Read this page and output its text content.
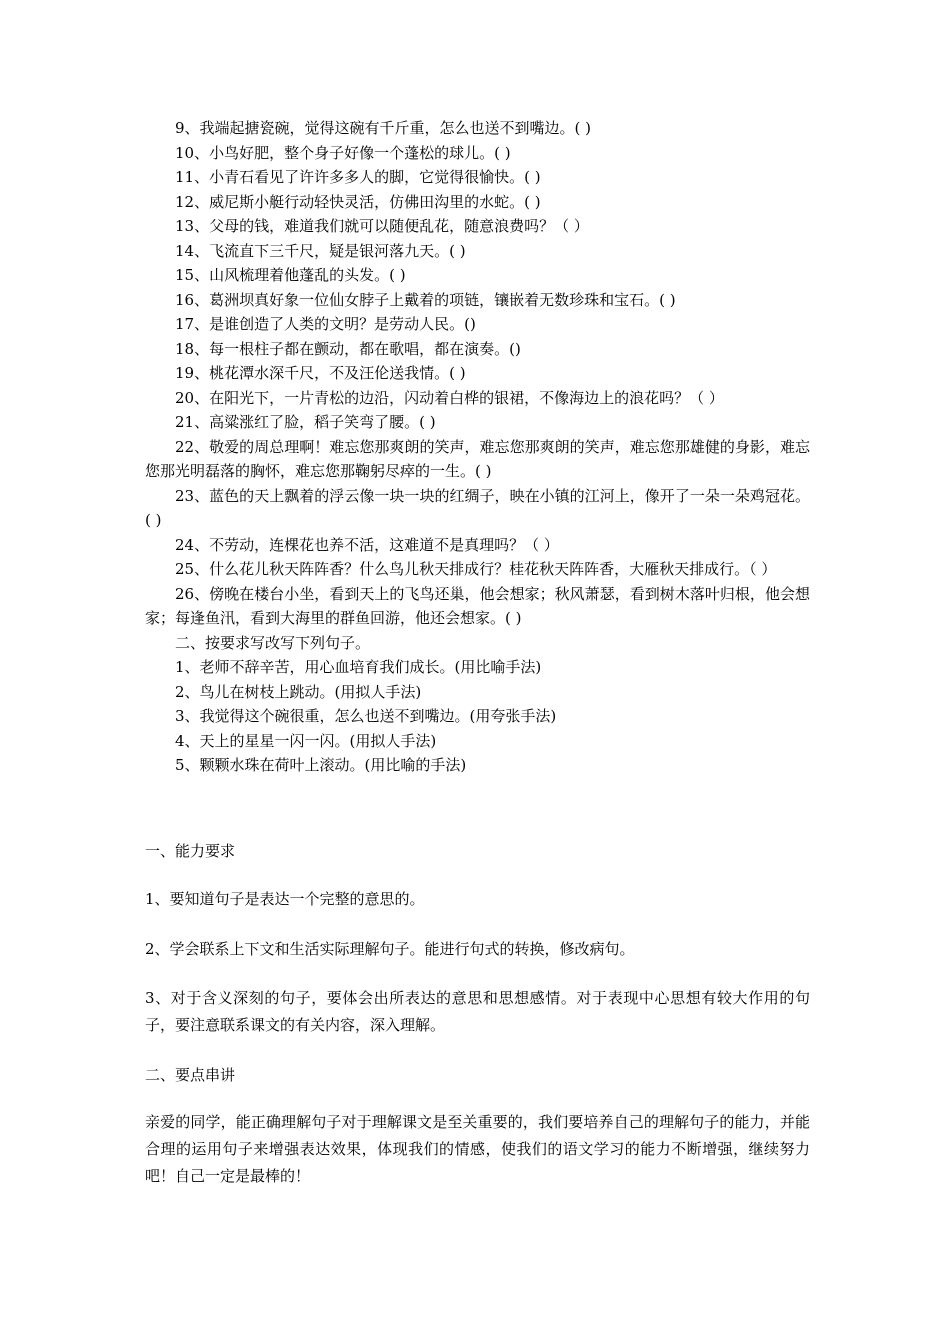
9、我端起搪瓷碗，觉得这碗有千斤重，怎么也送不到嘴边。( )

10、小鸟好肥，整个身子好像一个蓬松的球儿。( )

11、小青石看见了许许多多人的脚，它觉得很愉快。( )

12、威尼斯小艇行动轻快灵活，仿佛田沟里的水蛇。( )

13、父母的钱，难道我们就可以随便乱花，随意浪费吗？（ ）

14、飞流直下三千尺，疑是银河落九天。( )

15、山风梳理着他蓬乱的头发。( )

16、葛洲坝真好象一位仙女脖子上戴着的项链，镶嵌着无数珍珠和宝石。( )

17、是谁创造了人类的文明？是劳动人民。()

18、每一根柱子都在颤动，都在歌唱，都在演奏。()

19、桃花潭水深千尺，不及汪伦送我情。( )

20、在阳光下，一片青松的边沿，闪动着白桦的银裙，不像海边上的浪花吗？（ ）

21、高粱涨红了脸，稻子笑弯了腰。( )

22、敬爱的周总理啊！难忘您那爽朗的笑声，难忘您那爽朗的笑声，难忘您那雄健的身影，难忘您那光明磊落的胸怀，难忘您那鞠躬尽瘁的一生。( )

23、蓝色的天上飘着的浮云像一块一块的红绸子，映在小镇的江河上，像开了一朵一朵鸡冠花。( )

24、不劳动，连棵花也养不活，这难道不是真理吗？（ ）

25、什么花儿秋天阵阵香？什么鸟儿秋天排成行？桂花秋天阵阵香，大雁秋天排成行。（ ）

26、傍晚在楼台小坐，看到天上的飞鸟还巢，他会想家；秋风萧瑟，看到树木落叶归根，他会想家；每逢鱼汛，看到大海里的群鱼回游，他还会想家。( )

二、按要求写改写下列句子。

1、老师不辞辛苦，用心血培育我们成长。(用比喻手法)

2、鸟儿在树枝上跳动。(用拟人手法)

3、我觉得这个碗很重，怎么也送不到嘴边。(用夸张手法)

4、天上的星星一闪一闪。(用拟人手法)

5、颗颗水珠在荷叶上滚动。(用比喻的手法)

一、能力要求
1、要知道句子是表达一个完整的意思的。
2、学会联系上下文和生活实际理解句子。能进行句式的转换，修改病句。
3、对于含义深刻的句子，要体会出所表达的意思和思想感情。对于表现中心思想有较大作用的句子，要注意联系课文的有关内容，深入理解。
二、要点串讲
亲爱的同学，能正确理解句子对于理解课文是至关重要的，我们要培养自己的理解句子的能力，并能合理的运用句子来增强表达效果，体现我们的情感，使我们的语文学习的能力不断增强，继续努力吧！自己一定是最棒的！
